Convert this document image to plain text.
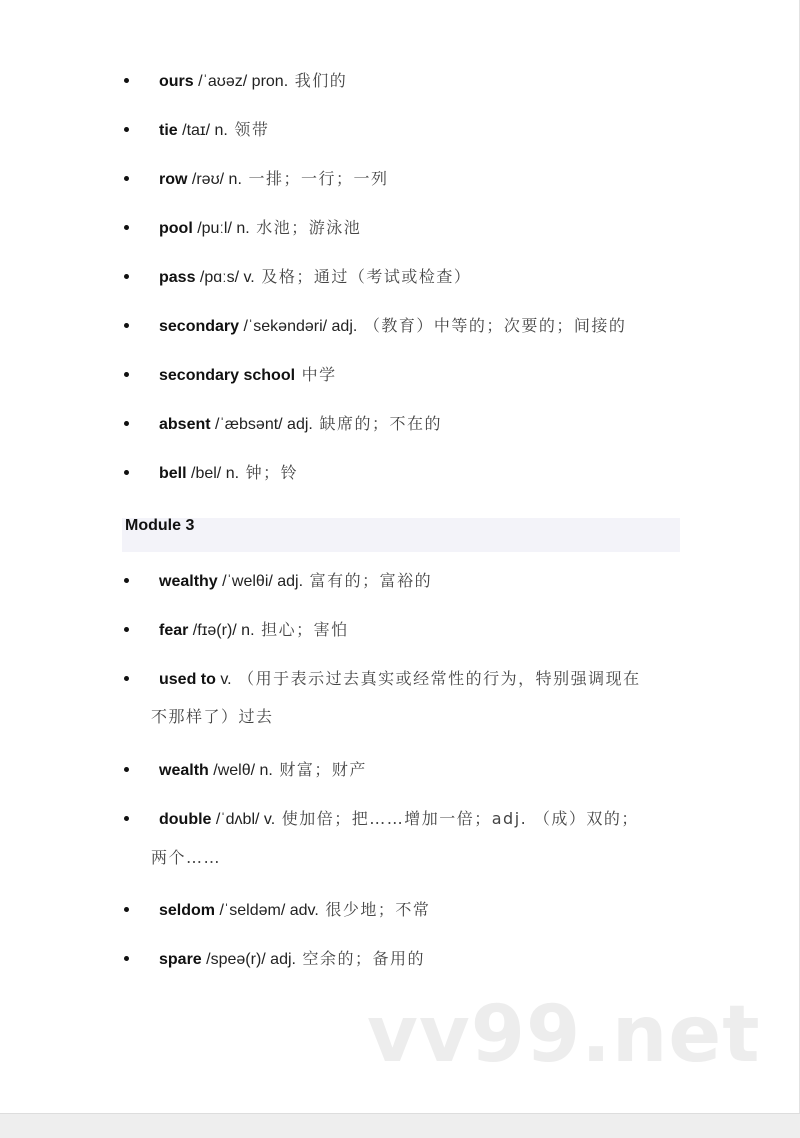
ours /ˈaʊəz/ pron. 我们的
tie /taɪ/ n. 领带
row /rəʊ/ n. 一排；一行；一列
pool /puːl/ n. 水池；游泳池
pass /pɑːs/ v. 及格；通过（考试或检查）
secondary /ˈsekəndəri/ adj. （教育）中等的；次要的；间接的
secondary school 中学
absent /ˈæbsənt/ adj. 缺席的；不在的
bell /bel/ n. 钟；铃
Module 3
wealthy /ˈwelθi/ adj. 富有的；富裕的
fear /fɪə(r)/ n. 担心；害怕
used to v. （用于表示过去真实或经常性的行为，特别强调现在
不那样了）过去
wealth /welθ/ n. 财富；财产
double /ˈdʌbl/ v. 使加倍；把……增加一倍；adj. （成）双的；
两个……
seldom /ˈseldəm/ adv. 很少地；不常
spare /speə(r)/ adj. 空余的；备用的
vv99.net
